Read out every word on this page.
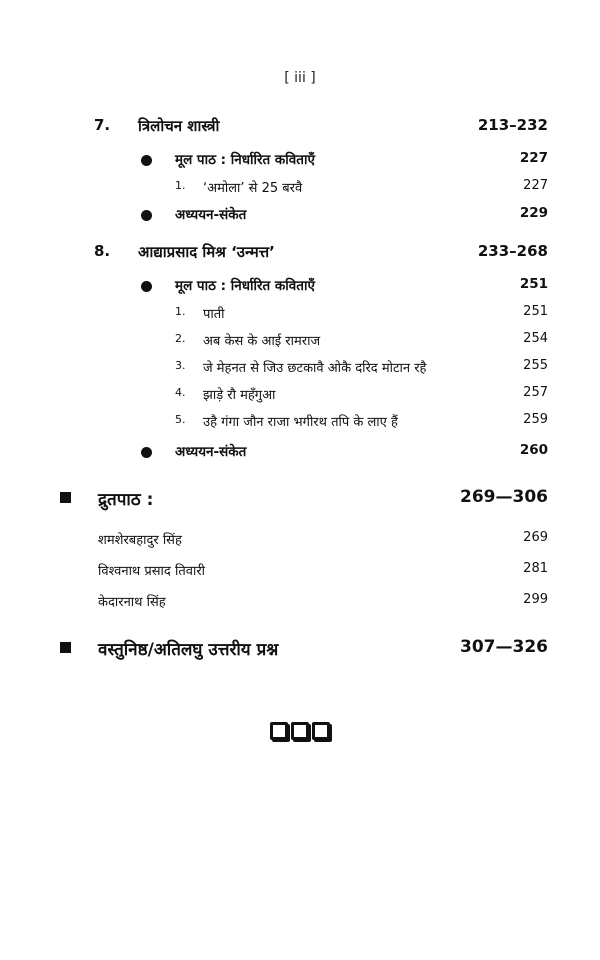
[ iii ]
7. त्रिलोचन शास्त्री	213–232
मूल पाठ : निर्धारित कविताएँ	227
1. ‘अमोला’ से 25 बरवै	227
अध्ययन-संकेत	229
8. आद्याप्रसाद मिश्र ‘उन्मत्त’	233–268
मूल पाठ : निर्धारित कविताएँ	251
1. पाती	251
2. अब केस के आई रामराज	254
3. जे मेहनत से जिउ छटकावै ओकै दरिद मोटान रहै	255
4. झाड़े रौ महँगुआ	257
5. उहै गंगा जौन राजा भगीरथ तपि के लाए हैं	259
अध्ययन-संकेत	260
द्रुतपाठ :	269—306
शमशेरबहादुर सिंह	269
विश्वनाथ प्रसाद तिवारी	281
केदारनाथ सिंह	299
वस्तुनिष्ठ/अतिलघु उत्तरीय प्रश्न	307—326
